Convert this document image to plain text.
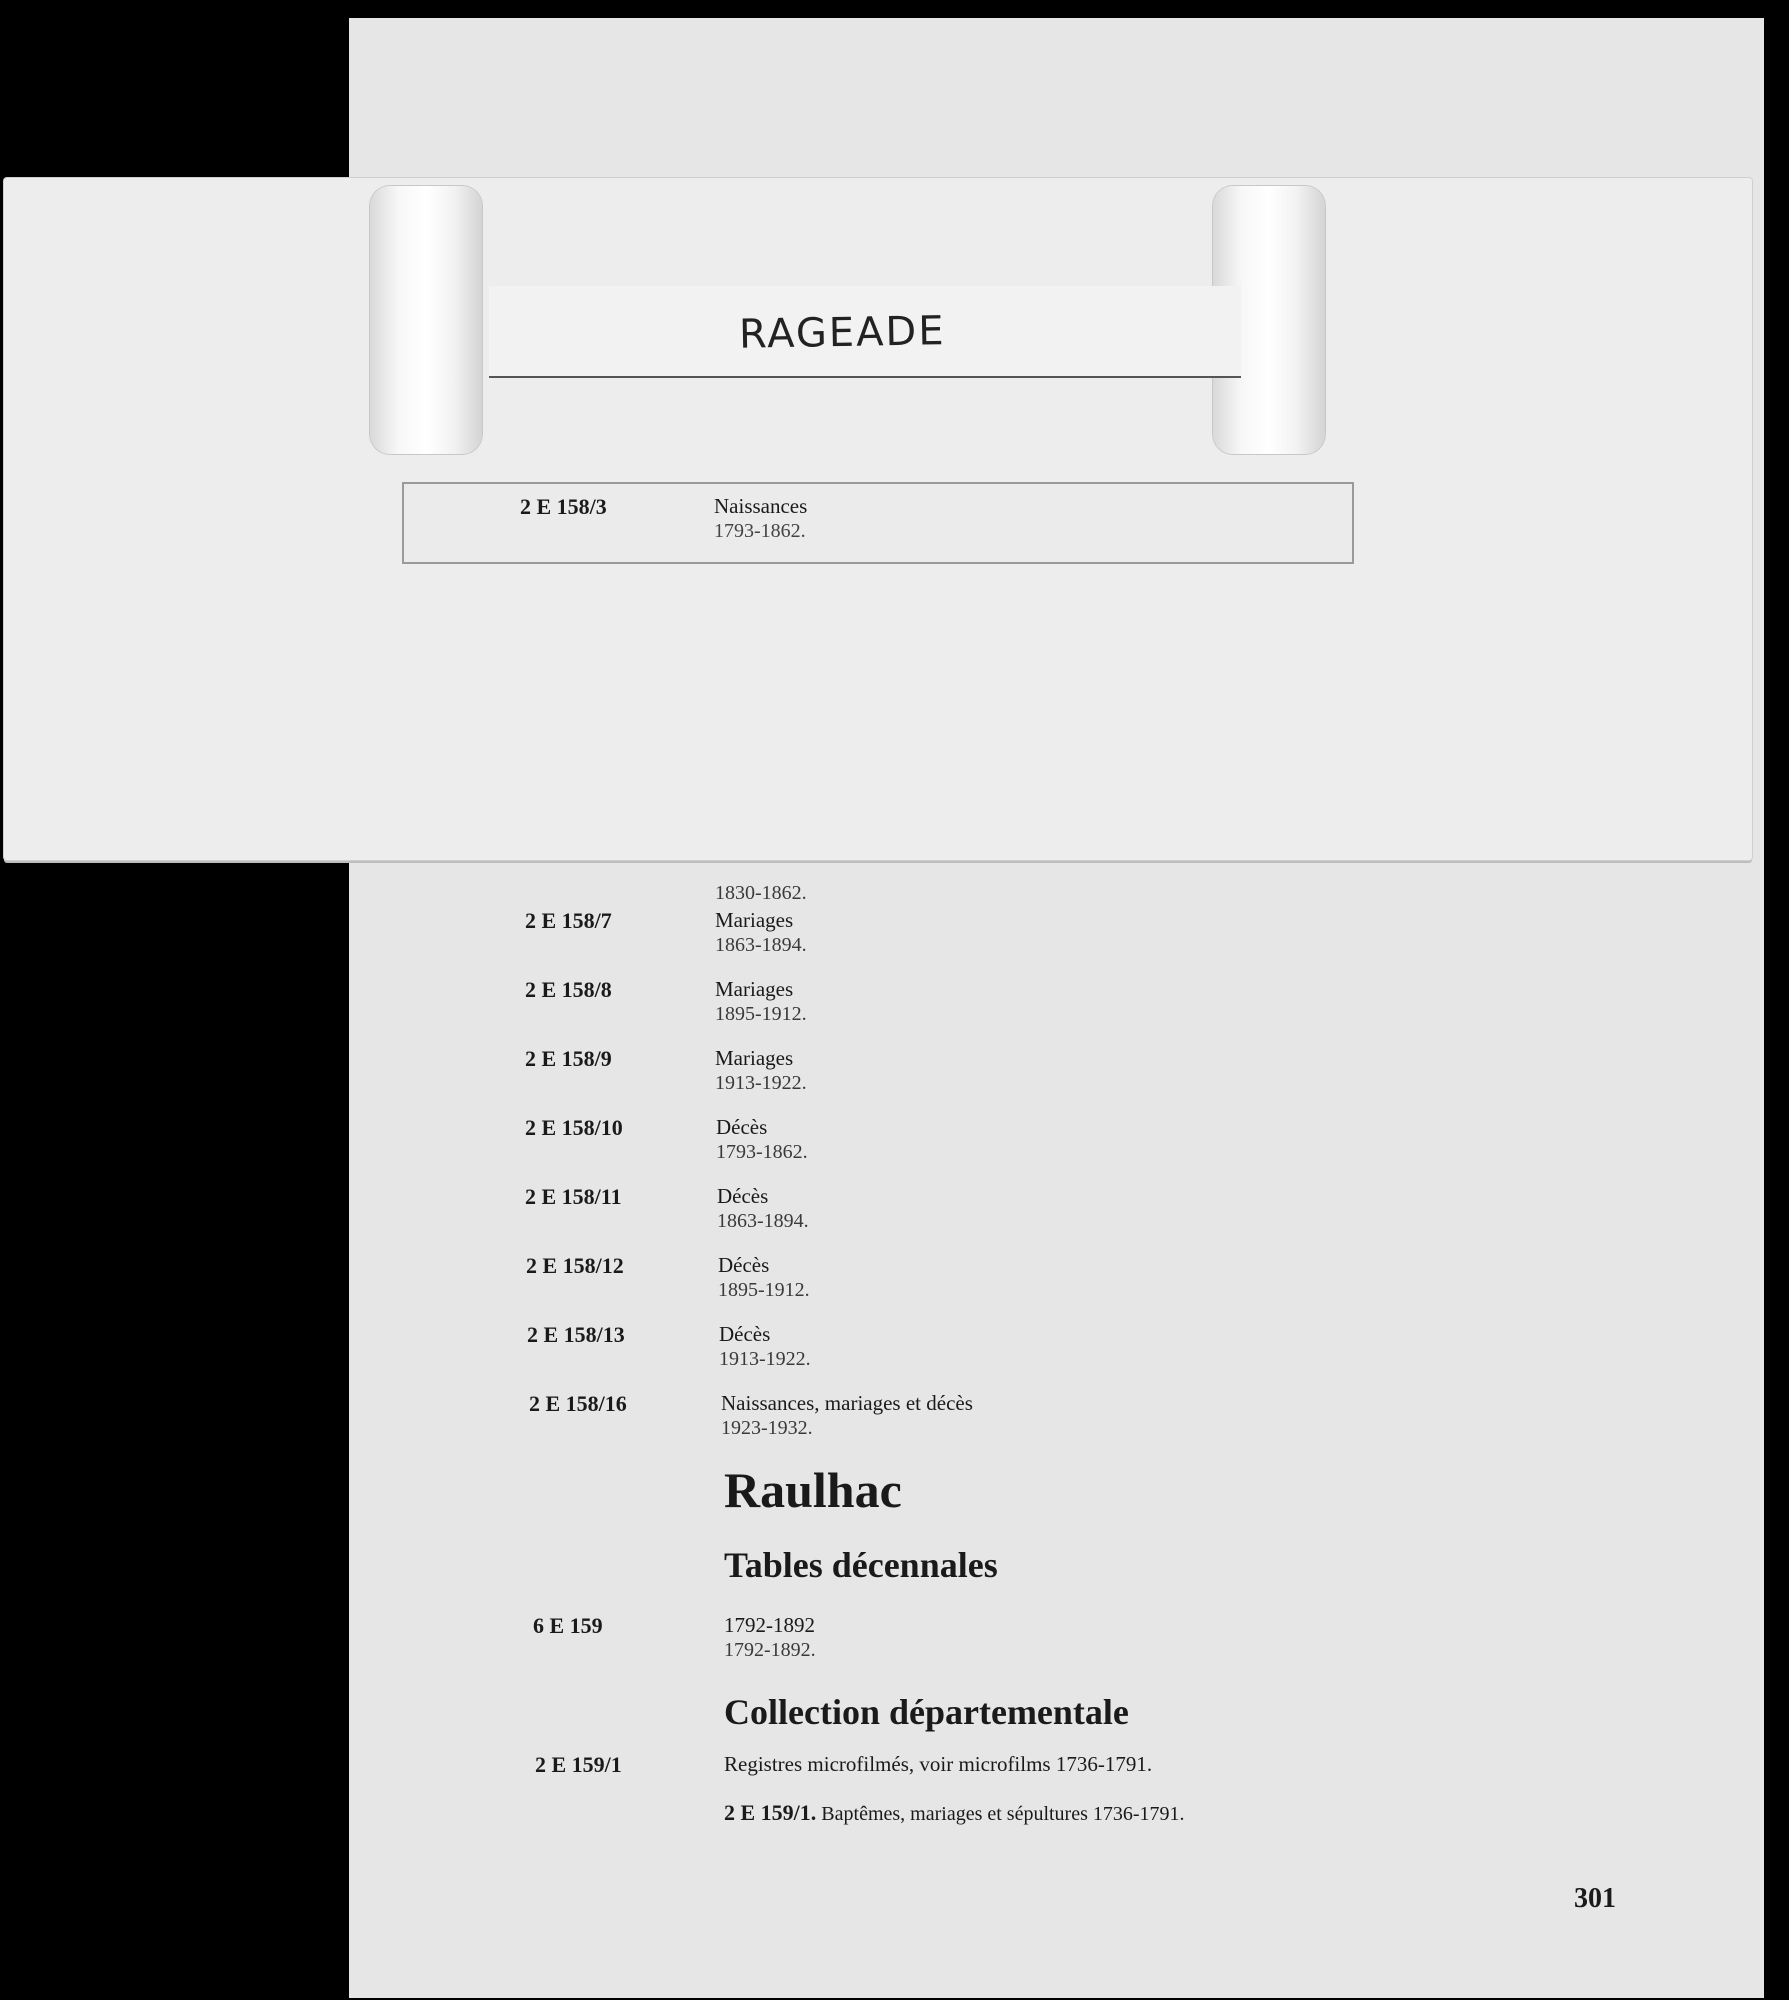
1830-1862.
2 E 158/7	Mariages
1863-1894.
2 E 158/8	Mariages
1895-1912.
2 E 158/9	Mariages
1913-1922.
2 E 158/10	Décès
1793-1862.
2 E 158/11	Décès
1863-1894.
2 E 158/12	Décès
1895-1912.
2 E 158/13	Décès
1913-1922.
2 E 158/16	Naissances, mariages et décès
1923-1932.
Raulhac
Tables décennales
6 E 159	1792-1892
1792-1892.
Collection départementale
2 E 159/1	Registres microfilmés, voir microfilms 1736-1791.
2 E 159/1. Baptêmes, mariages et sépultures 1736-1791.
301
RAGEADE
2 E 158/3	Naissances
1793-1862.
